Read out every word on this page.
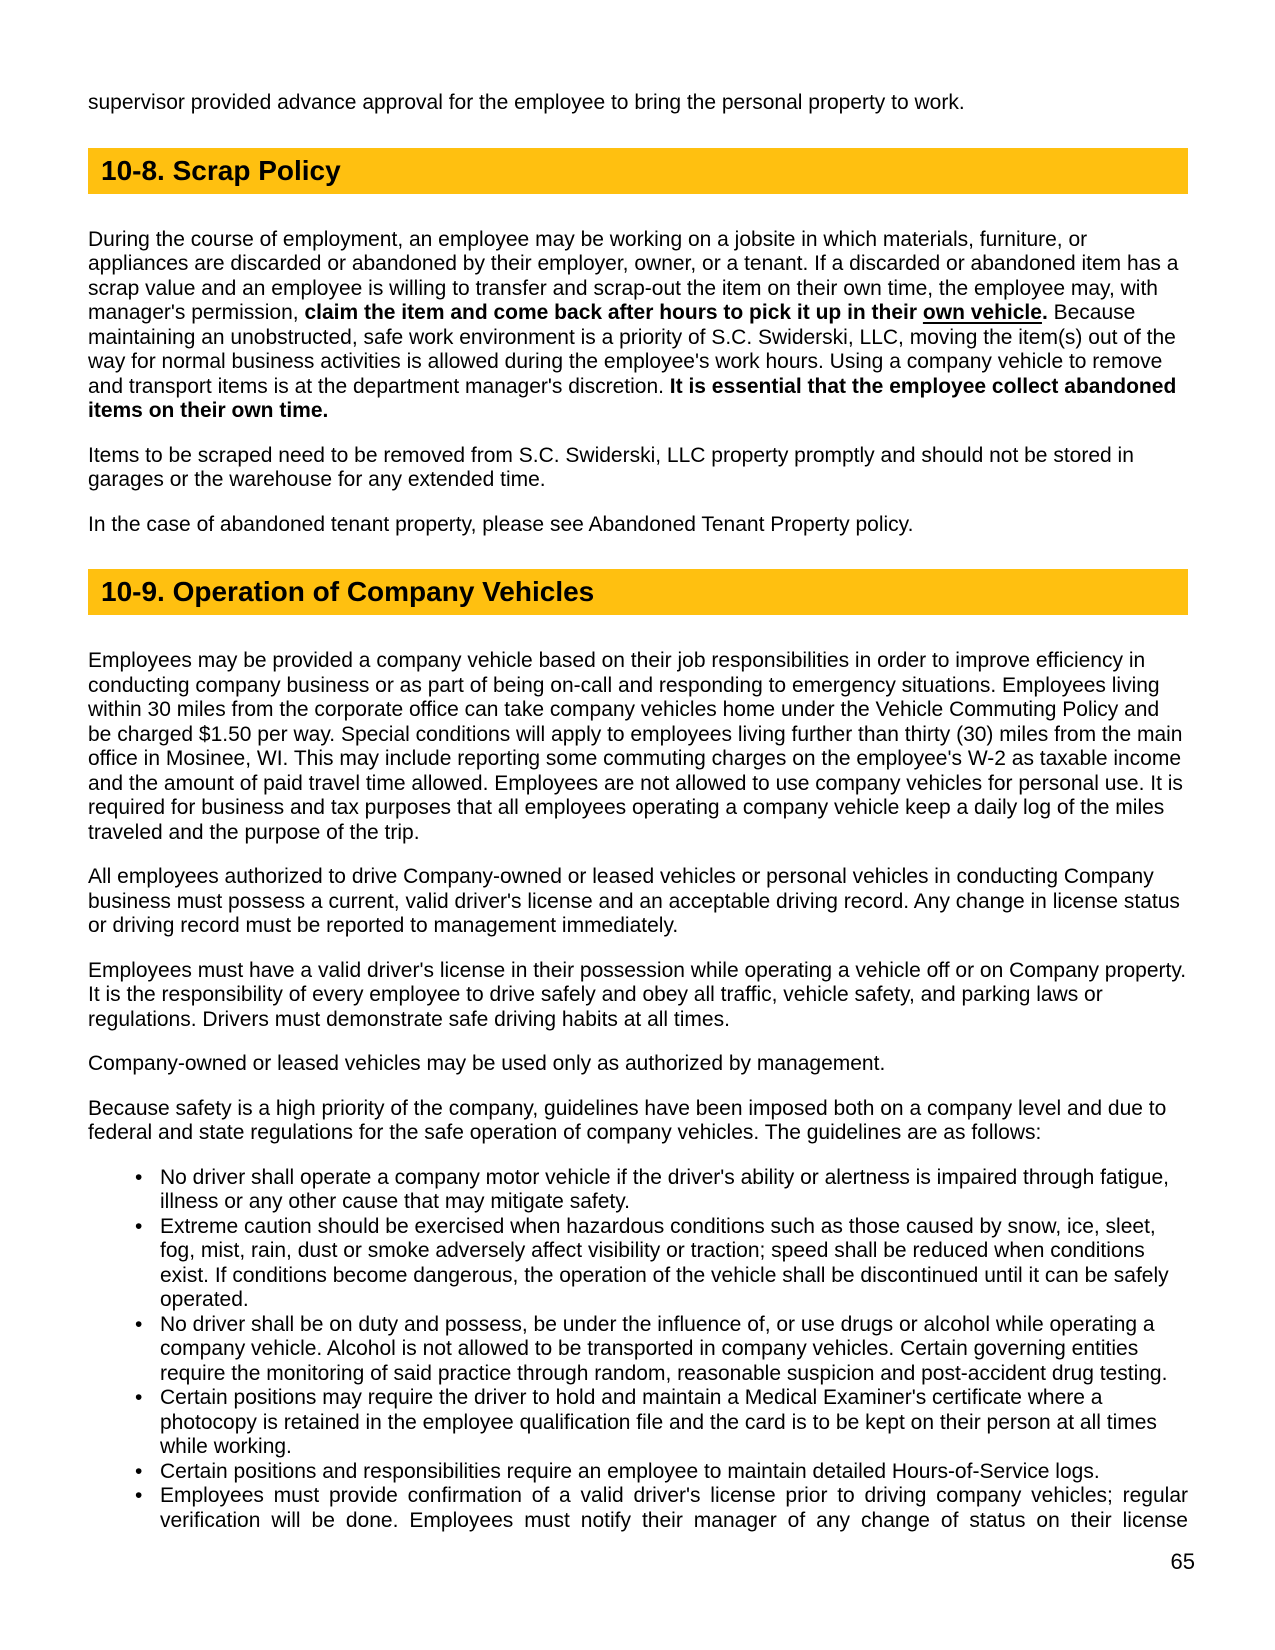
supervisor provided advance approval for the employee to bring the personal property to work.

10-8. Scrap Policy

During the course of employment, an employee may be working on a jobsite in which materials, furniture, or appliances are discarded or abandoned by their employer, owner, or a tenant. If a discarded or abandoned item has a scrap value and an employee is willing to transfer and scrap-out the item on their own time, the employee may, with manager's permission, claim the item and come back after hours to pick it up in their own vehicle. Because maintaining an unobstructed, safe work environment is a priority of S.C. Swiderski, LLC, moving the item(s) out of the way for normal business activities is allowed during the employee's work hours. Using a company vehicle to remove and transport items is at the department manager's discretion. It is essential that the employee collect abandoned items on their own time.

Items to be scraped need to be removed from S.C. Swiderski, LLC property promptly and should not be stored in garages or the warehouse for any extended time.

In the case of abandoned tenant property, please see Abandoned Tenant Property policy.

10-9. Operation of Company Vehicles

Employees may be provided a company vehicle based on their job responsibilities in order to improve efficiency in conducting company business or as part of being on-call and responding to emergency situations. Employees living within 30 miles from the corporate office can take company vehicles home under the Vehicle Commuting Policy and be charged $1.50 per way. Special conditions will apply to employees living further than thirty (30) miles from the main office in Mosinee, WI. This may include reporting some commuting charges on the employee's W-2 as taxable income and the amount of paid travel time allowed. Employees are not allowed to use company vehicles for personal use. It is required for business and tax purposes that all employees operating a company vehicle keep a daily log of the miles traveled and the purpose of the trip.

All employees authorized to drive Company-owned or leased vehicles or personal vehicles in conducting Company business must possess a current, valid driver's license and an acceptable driving record. Any change in license status or driving record must be reported to management immediately.

Employees must have a valid driver's license in their possession while operating a vehicle off or on Company property. It is the responsibility of every employee to drive safely and obey all traffic, vehicle safety, and parking laws or regulations. Drivers must demonstrate safe driving habits at all times.

Company-owned or leased vehicles may be used only as authorized by management.

Because safety is a high priority of the company, guidelines have been imposed both on a company level and due to federal and state regulations for the safe operation of company vehicles. The guidelines are as follows:

• No driver shall operate a company motor vehicle if the driver's ability or alertness is impaired through fatigue, illness or any other cause that may mitigate safety.
• Extreme caution should be exercised when hazardous conditions such as those caused by snow, ice, sleet, fog, mist, rain, dust or smoke adversely affect visibility or traction; speed shall be reduced when conditions exist. If conditions become dangerous, the operation of the vehicle shall be discontinued until it can be safely operated.
• No driver shall be on duty and possess, be under the influence of, or use drugs or alcohol while operating a company vehicle. Alcohol is not allowed to be transported in company vehicles. Certain governing entities require the monitoring of said practice through random, reasonable suspicion and post-accident drug testing.
• Certain positions may require the driver to hold and maintain a Medical Examiner's certificate where a photocopy is retained in the employee qualification file and the card is to be kept on their person at all times while working.
• Certain positions and responsibilities require an employee to maintain detailed Hours-of-Service logs.
• Employees must provide confirmation of a valid driver's license prior to driving company vehicles; regular verification will be done. Employees must notify their manager of any change of status on their license
65
